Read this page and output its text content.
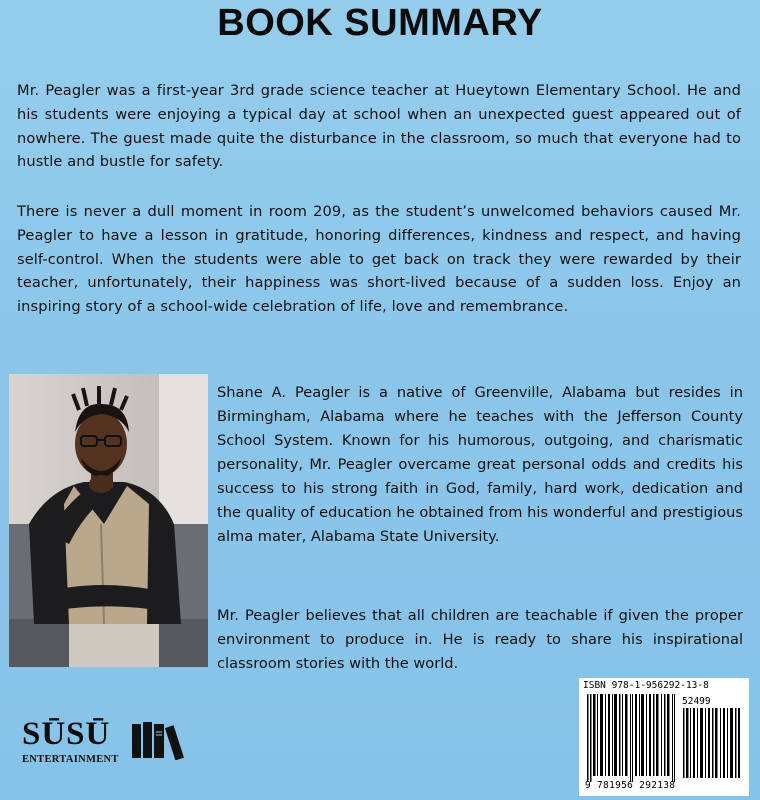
BOOK SUMMARY

Mr. Peagler was a first-year 3rd grade science teacher at Hueytown Elementary School. He and his students were enjoying a typical day at school when an unexpected guest appeared out of nowhere. The guest made quite the disturbance in the classroom, so much that everyone had to hustle and bustle for safety.

There is never a dull moment in room 209, as the student’s unwelcomed behaviors caused Mr. Peagler to have a lesson in gratitude, honoring differences, kindness and respect, and having self-control. When the students were able to get back on track they were rewarded by their teacher, unfortunately, their happiness was short-lived because of a sudden loss. Enjoy an inspiring story of a school-wide celebration of life, love and remembrance.

Shane A. Peagler is a native of Greenville, Alabama but resides in Birmingham, Alabama where he teaches with the Jefferson County School System. Known for his humorous, outgoing, and charismatic personality, Mr. Peagler overcame great personal odds and credits his success to his strong faith in God, family, hard work, dedication and the quality of education he obtained from his wonderful and prestigious alma mater, Alabama State University.

Mr. Peagler believes that all children are teachable if given the proper environment to produce in. He is ready to share his inspirational classroom stories with the world.

SŪSŪ
ENTERTAINMENT
ISBN 978-1-956292-13-8
52499
9 781956 292138
